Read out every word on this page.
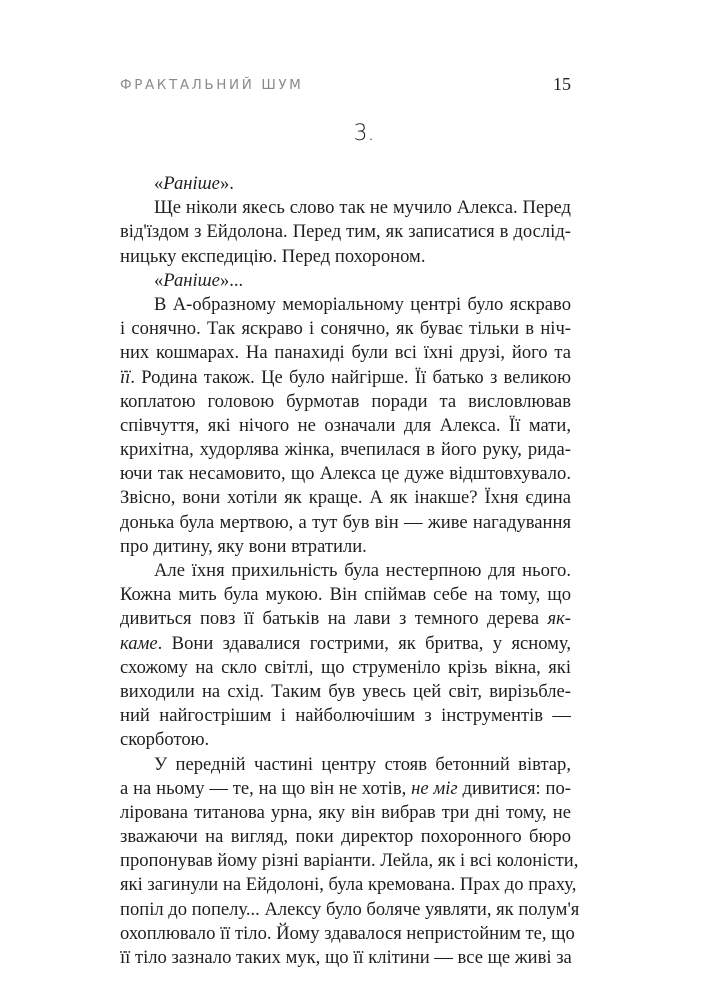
ФРАКТАЛЬНИЙ ШУМ	15
3.
«Раніше».
Ще ніколи якесь слово так не мучило Алекса. Перед
від'їздом з Ейдолона. Перед тим, як записатися в дослід-
ницьку експедицію. Перед похороном.
«Раніше»...
В А-образному меморіальному центрі було яскраво
і сонячно. Так яскраво і сонячно, як буває тільки в ніч-
них кошмарах. На панахиді були всі їхні друзі, його та
її. Родина також. Це було найгірше. Її батько з великою
коплатою головою бурмотав поради та висловлював
співчуття, які нічого не означали для Алекса. Її мати,
крихітна, худорлява жінка, вчепилася в його руку, рида-
ючи так несамовито, що Алекса це дуже відштовхувало.
Звісно, вони хотіли як краще. А як інакше? Їхня єдина
донька була мертвою, а тут був він — живе нагадування
про дитину, яку вони втратили.
Але їхня прихильність була нестерпною для нього.
Кожна мить була мукою. Він спіймав себе на тому, що
дивиться повз її батьків на лави з темного дерева як-
каме. Вони здавалися гострими, як бритва, у ясному,
схожому на скло світлі, що струменіло крізь вікна, які
виходили на схід. Таким був увесь цей світ, вирізьбле-
ний найгострішим і найболючішим з інструментів —
скорботою.
У передній частині центру стояв бетонний вівтар,
а на ньому — те, на що він не хотів, не міг дивитися: по-
лірована титанова урна, яку він вибрав три дні тому, не
зважаючи на вигляд, поки директор похоронного бюро
пропонував йому різні варіанти. Лейла, як і всі колоністи,
які загинули на Ейдолоні, була кремована. Прах до праху,
попіл до попелу... Алексу було боляче уявляти, як полум'я
охоплювало її тіло. Йому здавалося непристойним те, що
її тіло зазнало таких мук, що її клітини — все ще живі за
